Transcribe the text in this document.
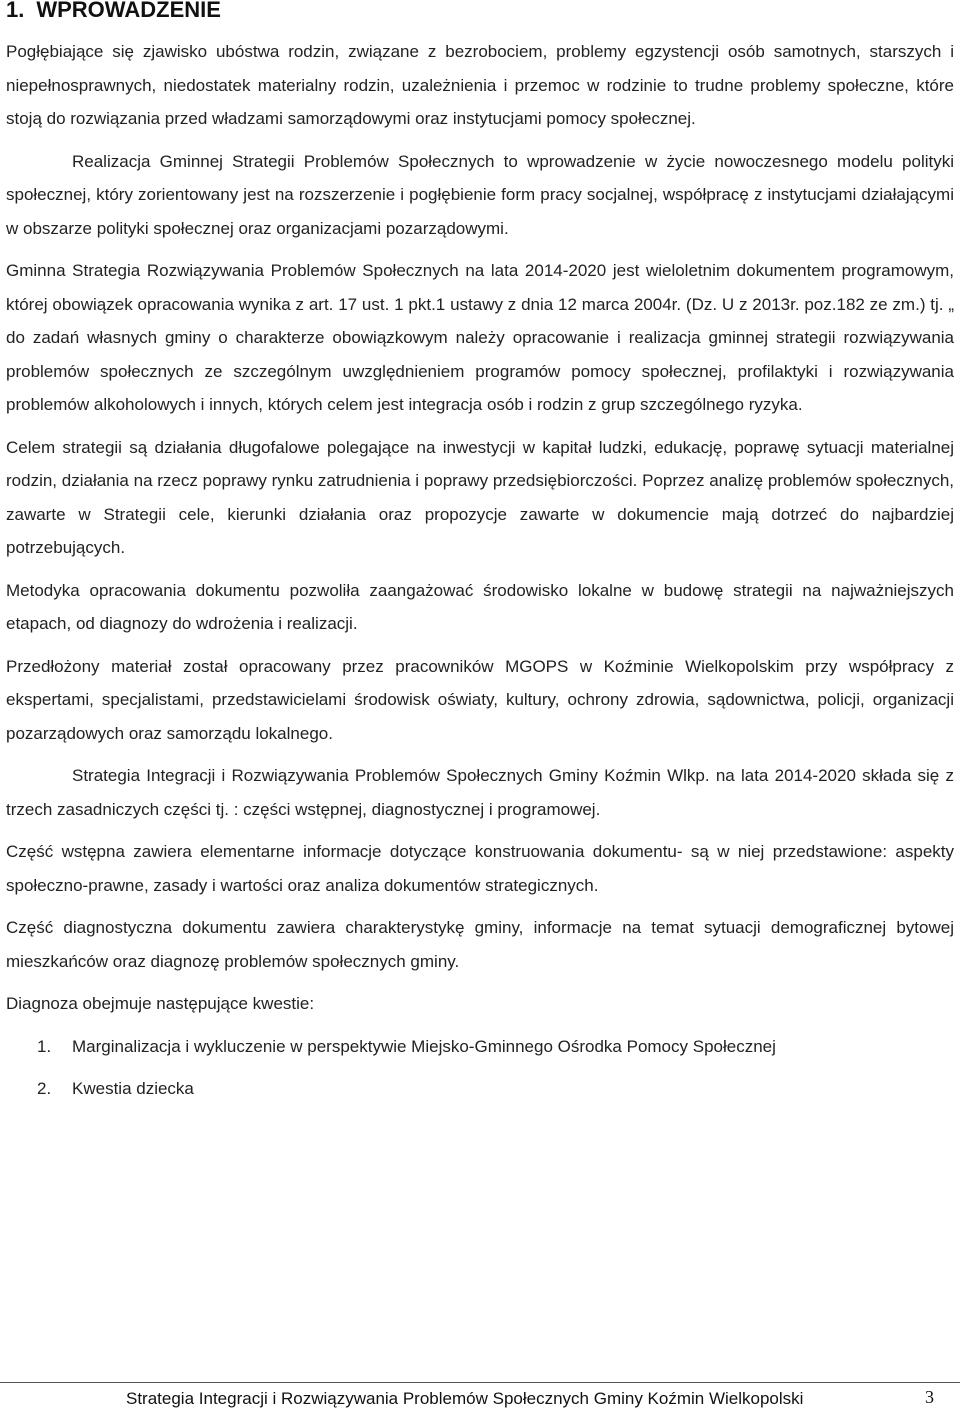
1. WPROWADZENIE

Pogłębiające się zjawisko ubóstwa rodzin, związane z bezrobociem, problemy egzystencji osób samotnych, starszych i niepełnosprawnych, niedostatek materialny rodzin, uzależnienia i przemoc w rodzinie to trudne problemy społeczne, które stoją do rozwiązania przed władzami samorządowymi oraz instytucjami pomocy społecznej.

Realizacja Gminnej Strategii Problemów Społecznych to wprowadzenie w życie nowoczesnego modelu polityki społecznej, który zorientowany jest na rozszerzenie i pogłębienie form pracy socjalnej, współpracę z instytucjami działającymi w obszarze polityki społecznej oraz organizacjami pozarządowymi.

Gminna Strategia Rozwiązywania Problemów Społecznych na lata 2014-2020 jest wieloletnim dokumentem programowym, której obowiązek opracowania wynika z art. 17 ust. 1 pkt.1 ustawy z dnia 12 marca 2004r. (Dz. U z 2013r. poz.182 ze zm.) tj. „ do zadań własnych gminy o charakterze obowiązkowym należy opracowanie i realizacja gminnej strategii rozwiązywania problemów społecznych ze szczególnym uwzględnieniem programów pomocy społecznej, profilaktyki i rozwiązywania problemów alkoholowych i innych, których celem jest integracja osób i rodzin z grup szczególnego ryzyka.

Celem strategii są działania długofalowe polegające na inwestycji w kapitał ludzki, edukację, poprawę sytuacji materialnej rodzin, działania na rzecz poprawy rynku zatrudnienia i poprawy przedsiębiorczości. Poprzez analizę problemów społecznych, zawarte w Strategii cele, kierunki działania oraz propozycje zawarte w dokumencie mają dotrzeć do najbardziej potrzebujących.

Metodyka opracowania dokumentu pozwoliła zaangażować środowisko lokalne w budowę strategii na najważniejszych etapach, od diagnozy do wdrożenia i realizacji.

Przedłożony materiał został opracowany przez pracowników MGOPS w Koźminie Wielkopolskim przy współpracy z ekspertami, specjalistami, przedstawicielami środowisk oświaty, kultury, ochrony zdrowia, sądownictwa, policji, organizacji pozarządowych oraz samorządu lokalnego.

Strategia Integracji i Rozwiązywania Problemów Społecznych Gminy Koźmin Wlkp. na lata 2014-2020 składa się z trzech zasadniczych części tj. : części wstępnej, diagnostycznej i programowej.

Część wstępna zawiera elementarne informacje dotyczące konstruowania dokumentu- są w niej przedstawione: aspekty społeczno-prawne, zasady i wartości oraz analiza dokumentów strategicznych.

Część diagnostyczna dokumentu zawiera charakterystykę gminy, informacje na temat sytuacji demograficznej bytowej mieszkańców oraz diagnozę problemów społecznych gminy.

Diagnoza obejmuje następujące kwestie:

1.	Marginalizacja i wykluczenie w perspektywie Miejsko-Gminnego Ośrodka Pomocy Społecznej
2.	Kwestia dziecka
Strategia Integracji i Rozwiązywania Problemów Społecznych Gminy Koźmin Wielkopolski	3
